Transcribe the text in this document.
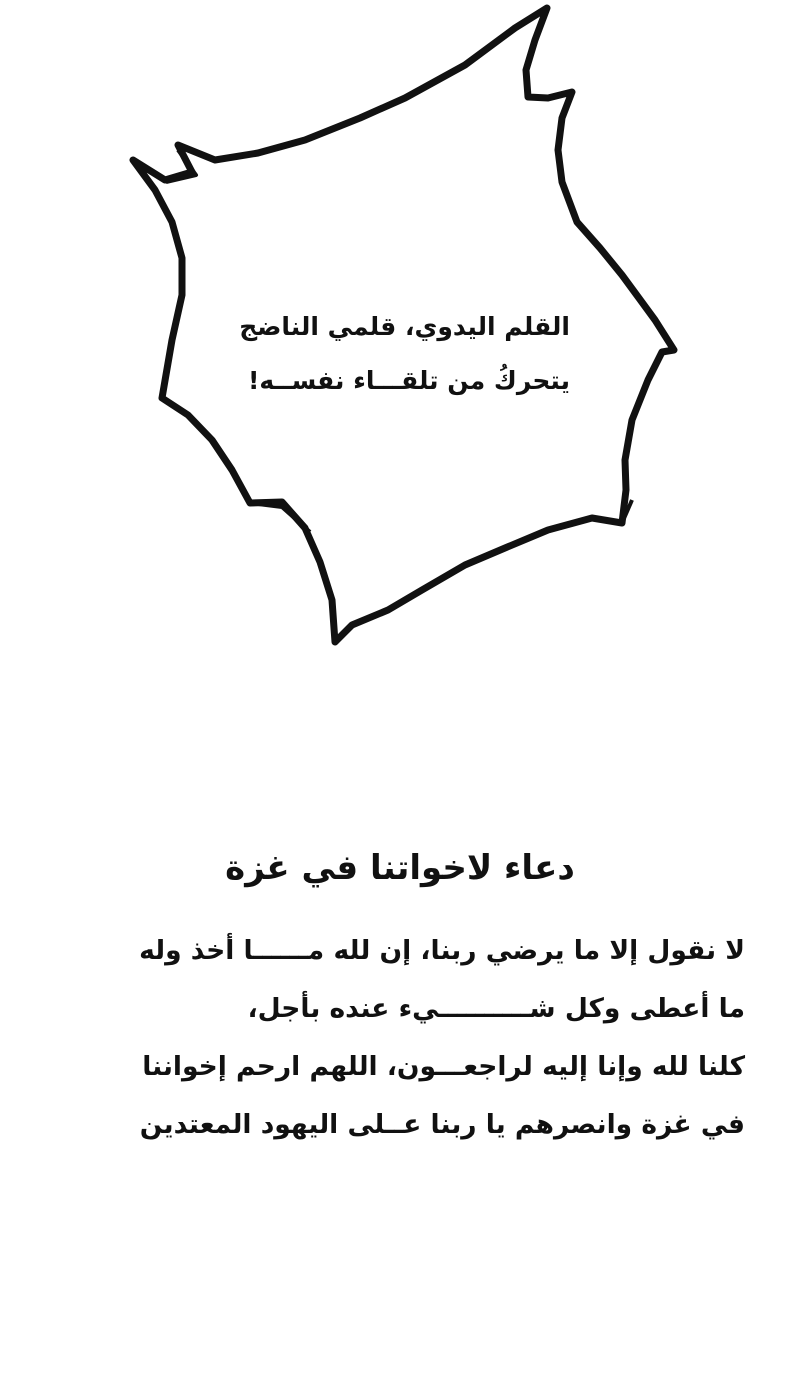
القلم اليدوي، قلمي الناضج
يتحركُ من تلقـــاء نفســه!
دعاء لاخواتنا في غزة
لا نقول إلا ما يرضي ربنا، إن لله مــــــا أخذ وله
ما أعطى وكل شــــــــــيء عنده بأجل،
كلنا لله وإنا إليه لراجعـــون، اللهم ارحم إخواننا
في غزة وانصرهم يا ربنا عــلى اليهود المعتدين
